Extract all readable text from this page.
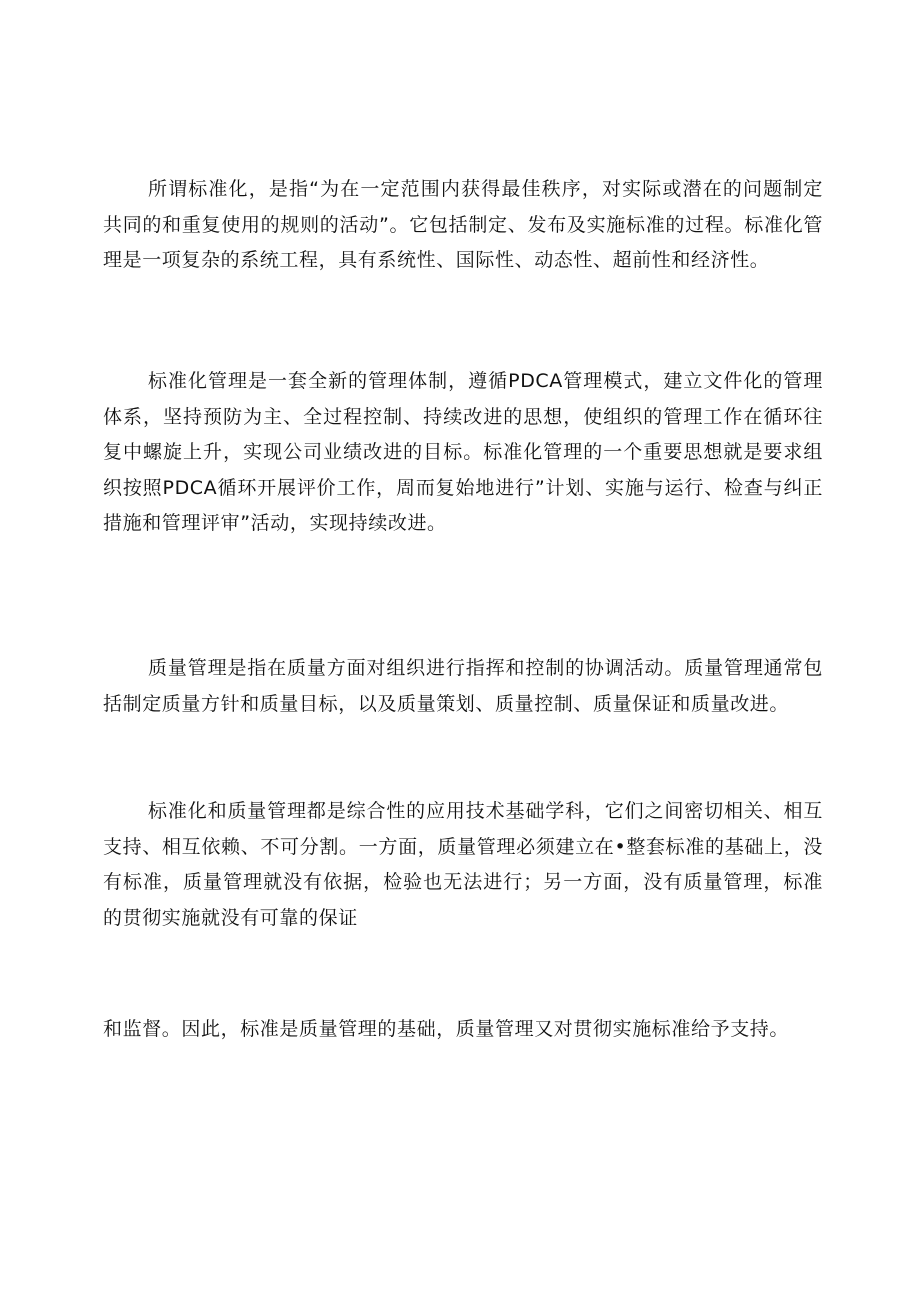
所谓标准化，是指“为在一定范围内获得最佳秩序，对实际或潜在的问题制定共同的和重复使用的规则的活动”。它包括制定、发布及实施标准的过程。标准化管理是一项复杂的系统工程，具有系统性、国际性、动态性、超前性和经济性。

标准化管理是一套全新的管理体制，遵循PDCA管理模式，建立文件化的管理体系，坚持预防为主、全过程控制、持续改进的思想，使组织的管理工作在循环往复中螺旋上升，实现公司业绩改进的目标。标准化管理的一个重要思想就是要求组织按照PDCA循环开展评价工作，周而复始地进行”计划、实施与运行、检查与纠正措施和管理评审”活动，实现持续改进。

质量管理是指在质量方面对组织进行指挥和控制的协调活动。质量管理通常包括制定质量方针和质量目标，以及质量策划、质量控制、质量保证和质量改进。

标准化和质量管理都是综合性的应用技术基础学科，它们之间密切相关、相互支持、相互依赖、不可分割。一方面，质量管理必须建立在•整套标准的基础上，没有标准，质量管理就没有依据，检验也无法进行；另一方面，没有质量管理，标准的贯彻实施就没有可靠的保证

和监督。因此，标准是质量管理的基础，质量管理又对贯彻实施标准给予支持。
